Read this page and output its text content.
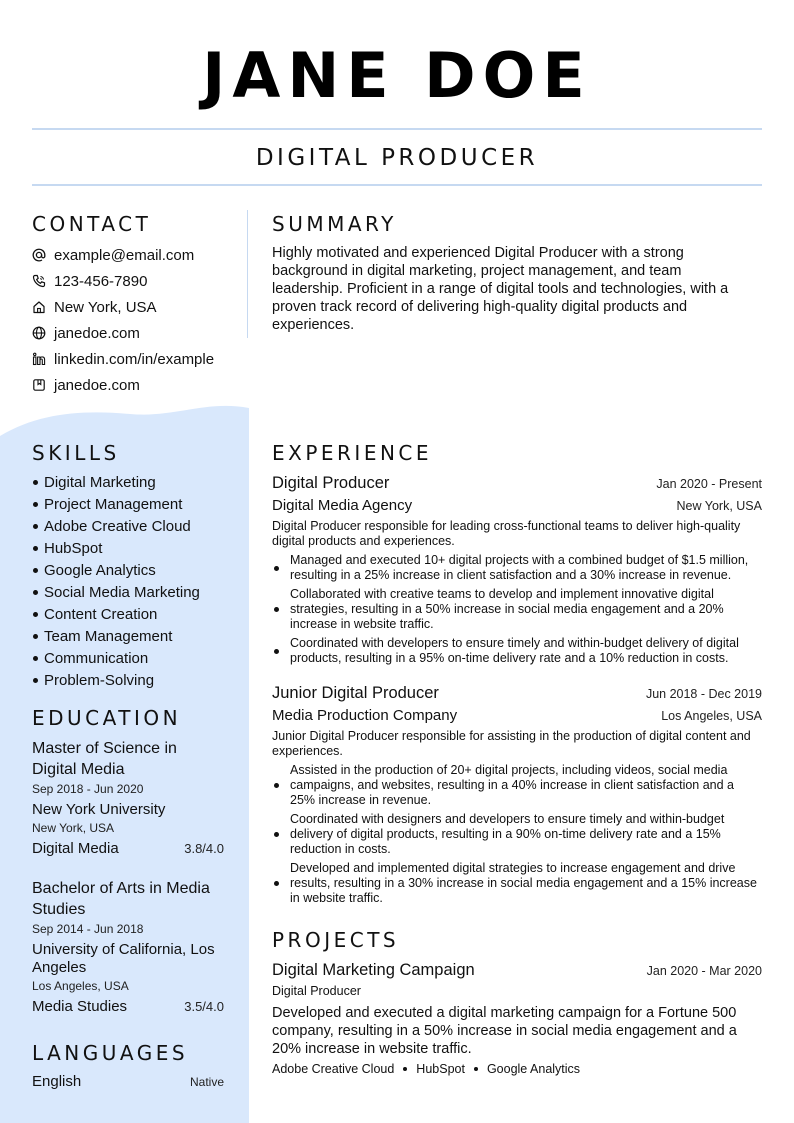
JANE DOE
DIGITAL PRODUCER
CONTACT
example@email.com
123-456-7890
New York, USA
janedoe.com
linkedin.com/in/example
janedoe.com
SUMMARY

Highly motivated and experienced Digital Producer with a strong background in digital marketing, project management, and team leadership. Proficient in a range of digital tools and technologies, with a proven track record of delivering high-quality digital products and experiences.

SKILLS
Digital Marketing
Project Management
Adobe Creative Cloud
HubSpot
Google Analytics
Social Media Marketing
Content Creation
Team Management
Communication
Problem-Solving
EDUCATION
Master of Science in Digital Media
Sep 2018 - Jun 2020
New York University
New York, USA
Digital Media	3.8/4.0
Bachelor of Arts in Media Studies
Sep 2014 - Jun 2018
University of California, Los Angeles
Los Angeles, USA
Media Studies	3.5/4.0
LANGUAGES
English	Native
EXPERIENCE
Digital Producer	Jan 2020 - Present
Digital Media Agency	New York, USA
Digital Producer responsible for leading cross-functional teams to deliver high-quality digital products and experiences.
Managed and executed 10+ digital projects with a combined budget of $1.5 million, resulting in a 25% increase in client satisfaction and a 30% increase in revenue.
Collaborated with creative teams to develop and implement innovative digital strategies, resulting in a 50% increase in social media engagement and a 20% increase in website traffic.
Coordinated with developers to ensure timely and within-budget delivery of digital products, resulting in a 95% on-time delivery rate and a 10% reduction in costs.
Junior Digital Producer	Jun 2018 - Dec 2019
Media Production Company	Los Angeles, USA
Junior Digital Producer responsible for assisting in the production of digital content and experiences.
Assisted in the production of 20+ digital projects, including videos, social media campaigns, and websites, resulting in a 40% increase in client satisfaction and a 25% increase in revenue.
Coordinated with designers and developers to ensure timely and within-budget delivery of digital products, resulting in a 90% on-time delivery rate and a 15% reduction in costs.
Developed and implemented digital strategies to increase engagement and drive results, resulting in a 30% increase in social media engagement and a 15% increase in website traffic.
PROJECTS
Digital Marketing Campaign	Jan 2020 - Mar 2020
Digital Producer
Developed and executed a digital marketing campaign for a Fortune 500 company, resulting in a 50% increase in social media engagement and a 20% increase in website traffic.
Adobe Creative Cloud HubSpot Google Analytics
